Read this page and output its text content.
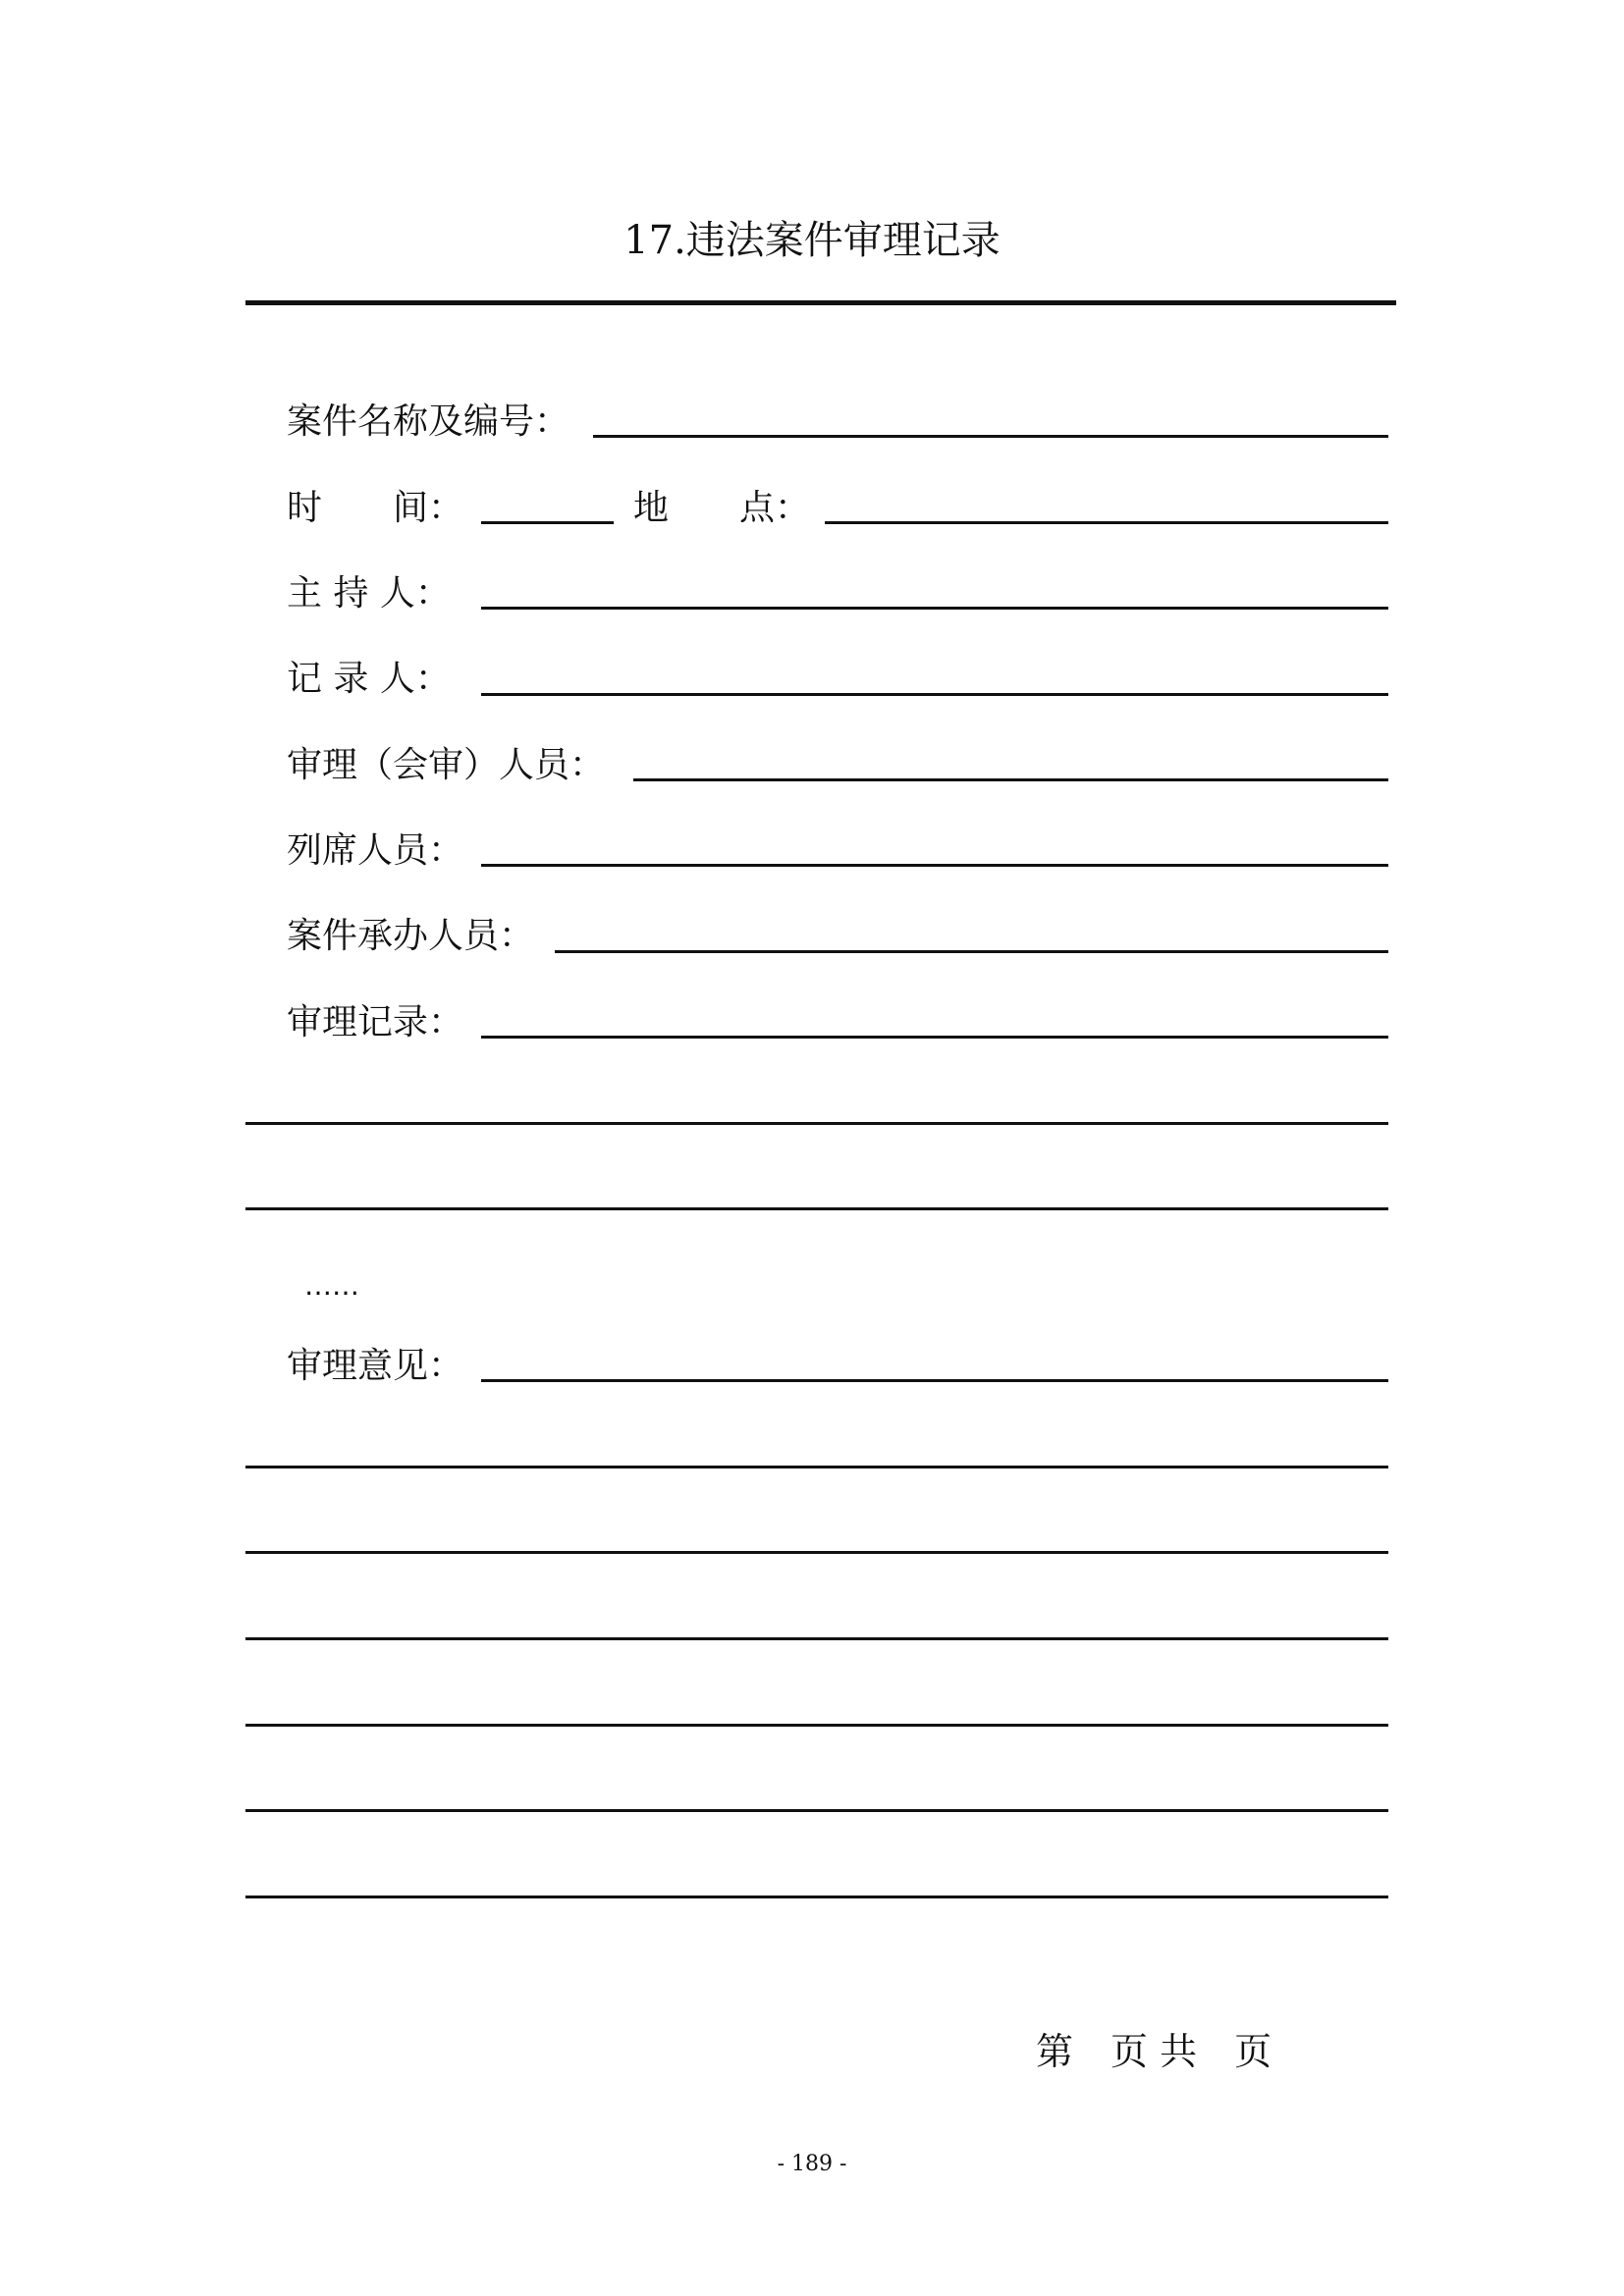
17.违法案件审理记录
案件名称及编号：
时　　间：	地　　点：
主 持 人：
记 录 人：
审理（会审）人员：
列席人员：
案件承办人员：
审理记录：
……
审理意见：
第　页 共　页
- 189 -
